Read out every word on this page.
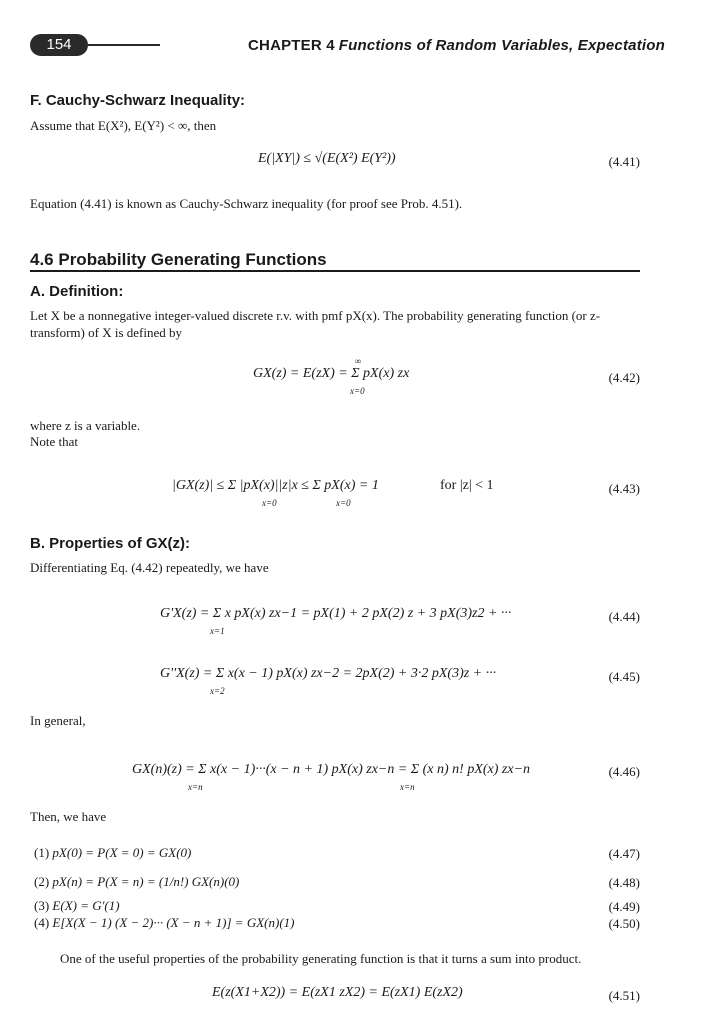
154	CHAPTER 4 Functions of Random Variables, Expectation
F. Cauchy-Schwarz Inequality:
Assume that E(X²), E(Y²) < ∞, then
E(|XY|) ≤ √(E(X²) E(Y²))	(4.41)
Equation (4.41) is known as Cauchy-Schwarz inequality (for proof see Prob. 4.51).
4.6 Probability Generating Functions
A. Definition:
Let X be a nonnegative integer-valued discrete r.v. with pmf pX(x). The probability generating function (or z-transform) of X is defined by
GX(z) = E(zX) = Σ pX(x) zx
∞
x=0
(4.42)
where z is a variable.
Note that
|GX(z)| ≤ Σ |pX(x)||z|x ≤ Σ pX(x) = 1
x=0	x=0
for |z| < 1	(4.43)
B. Properties of GX(z):
Differentiating Eq. (4.42) repeatedly, we have
G'X(z) = Σ x pX(x) zx−1 = pX(1) + 2 pX(2) z + 3 pX(3)z2 + ···
x=1
(4.44)
G''X(z) = Σ x(x − 1) pX(x) zx−2 = 2pX(2) + 3·2 pX(3)z + ···
x=2
(4.45)
In general,
GX(n)(z) = Σ x(x − 1)···(x − n + 1) pX(x) zx−n = Σ (x n) n! pX(x) zx−n
x=n	x=n
(4.46)
Then, we have
(1) pX(0) = P(X = 0) = GX(0)	(4.47)
(2) pX(n) = P(X = n) = (1/n!) GX(n)(0)	(4.48)
(3) E(X) = G'(1)	(4.49)
(4) E[X(X − 1) (X − 2)··· (X − n + 1)] = GX(n)(1)	(4.50)
One of the useful properties of the probability generating function is that it turns a sum into product.
E(z(X1+X2)) = E(zX1 zX2) = E(zX1) E(zX2)	(4.51)
